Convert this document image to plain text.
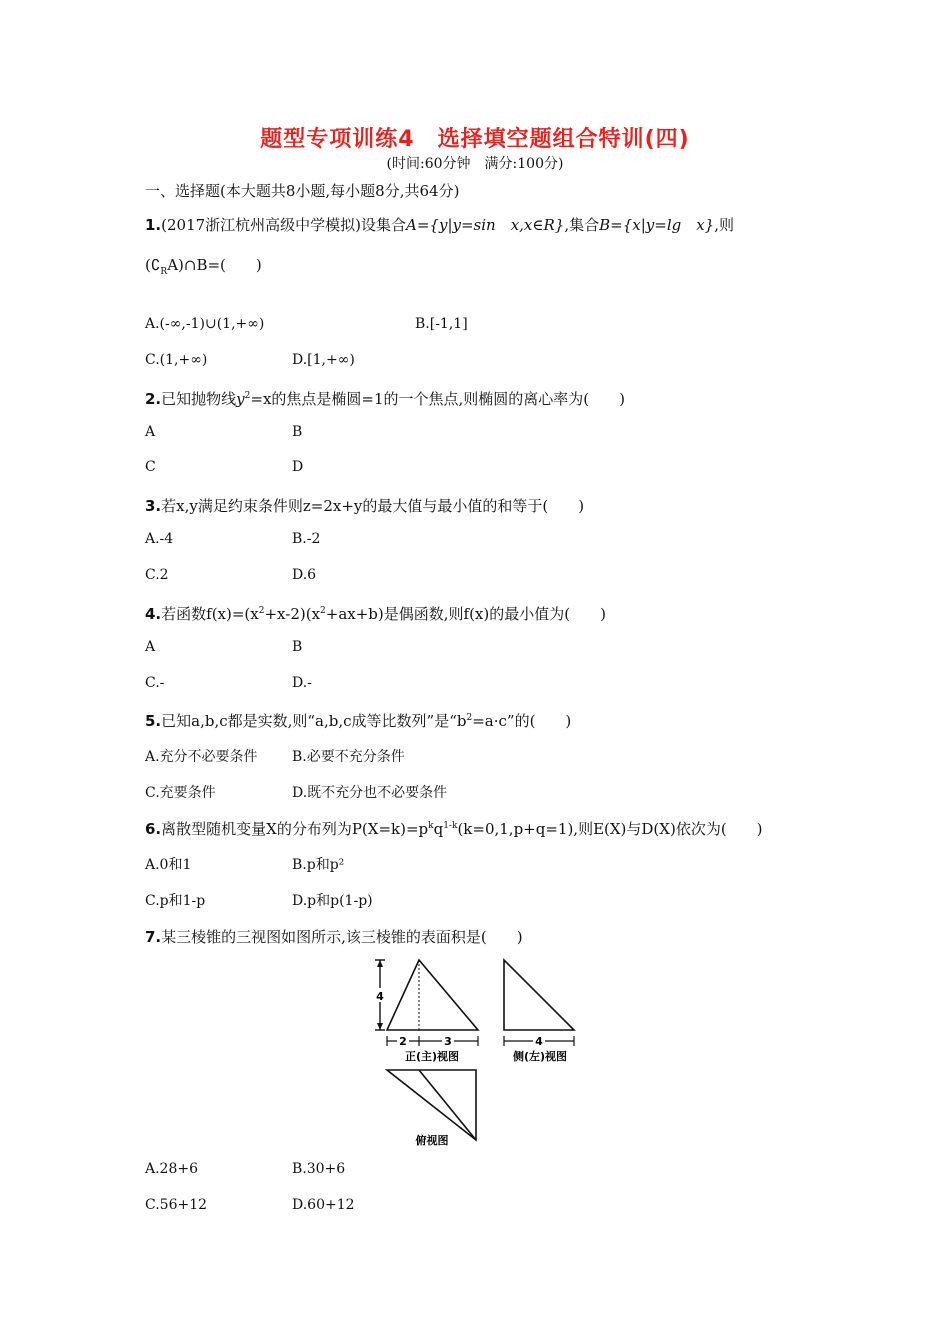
题型专项训练4　选择填空题组合特训(四)
(时间:60分钟　满分:100分)
一、选择题(本大题共8小题,每小题8分,共64分)
1.(2017浙江杭州高级中学模拟)设集合A={y|y=sin　x,x∈R},集合B={x|y=lg　x},则
$(∁_RA)\cap B=$(　　)
A.(-∞,-1)∪(1,+∞)	B.[-1,1]
C.(1,+∞)	D.[1,+∞)
2.已知抛物线$y^2=x$的焦点是椭圆=1的一个焦点,则椭圆的离心率为(　　)
A	B
C	D
3.若x,y满足约束条件则z=2x+y的最大值与最小值的和等于(　　)
A.-4	B.-2
C.2	D.6
4.若函数$f(x)=(x^2+x-2)(x^2+ax+b)$是偶函数,则f(x)的最小值为(　　)
A	B
C.-	D.-
5.已知a,b,c都是实数,则“a,b,c成等比数列”是“$b^2=a\cdot c$”的(　　)
A.充分不必要条件 B.必要不充分条件
C.充要条件	D.既不充分也不必要条件
6.离散型随机变量X的分布列为$P(X=k)=p^kq^{1-k}(k=0,1,p+q=1)$,则E(X)与D(X)依次为(　　)
A.0和1	B.p和p²
C.p和1-p	D.p和p(1-p)
7.某三棱锥的三视图如图所示,该三棱锥的表面积是(　　)
4
2	3
正(主)视图
4
侧(左)视图
俯视图
A.28+6	B.30+6
C.56+12	D.60+12
